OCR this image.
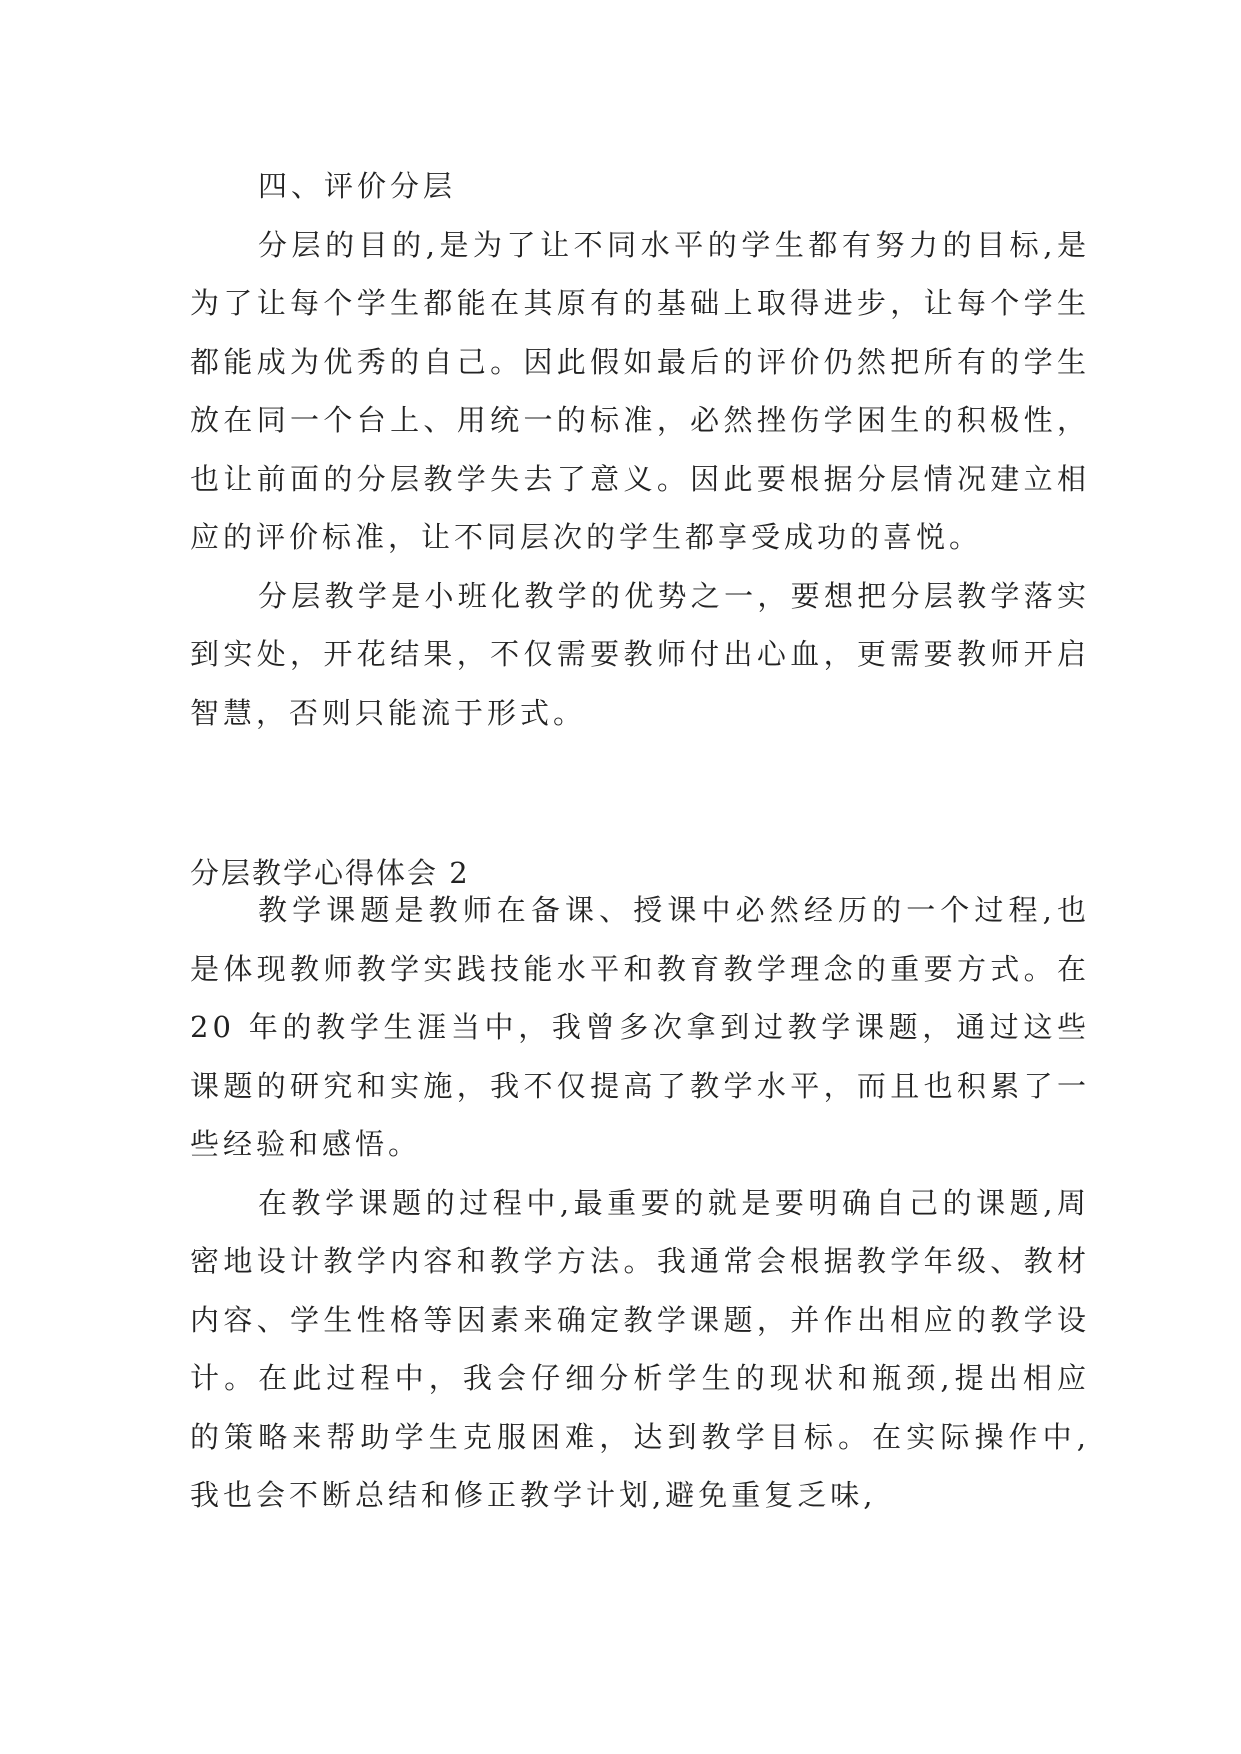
四、评价分层

分层的目的,是为了让不同水平的学生都有努力的目标,是为了让每个学生都能在其原有的基础上取得进步，让每个学生都能成为优秀的自己。因此假如最后的评价仍然把所有的学生放在同一个台上、用统一的标准，必然挫伤学困生的积极性，也让前面的分层教学失去了意义。因此要根据分层情况建立相应的评价标准，让不同层次的学生都享受成功的喜悦。

分层教学是小班化教学的优势之一，要想把分层教学落实到实处，开花结果，不仅需要教师付出心血，更需要教师开启智慧，否则只能流于形式。

分层教学心得体会 2

教学课题是教师在备课、授课中必然经历的一个过程,也是体现教师教学实践技能水平和教育教学理念的重要方式。在 20 年的教学生涯当中，我曾多次拿到过教学课题，通过这些课题的研究和实施，我不仅提高了教学水平，而且也积累了一些经验和感悟。

在教学课题的过程中,最重要的就是要明确自己的课题,周密地设计教学内容和教学方法。我通常会根据教学年级、教材内容、学生性格等因素来确定教学课题，并作出相应的教学设计。在此过程中，我会仔细分析学生的现状和瓶颈,提出相应的策略来帮助学生克服困难，达到教学目标。在实际操作中,我也会不断总结和修正教学计划,避免重复乏味,
